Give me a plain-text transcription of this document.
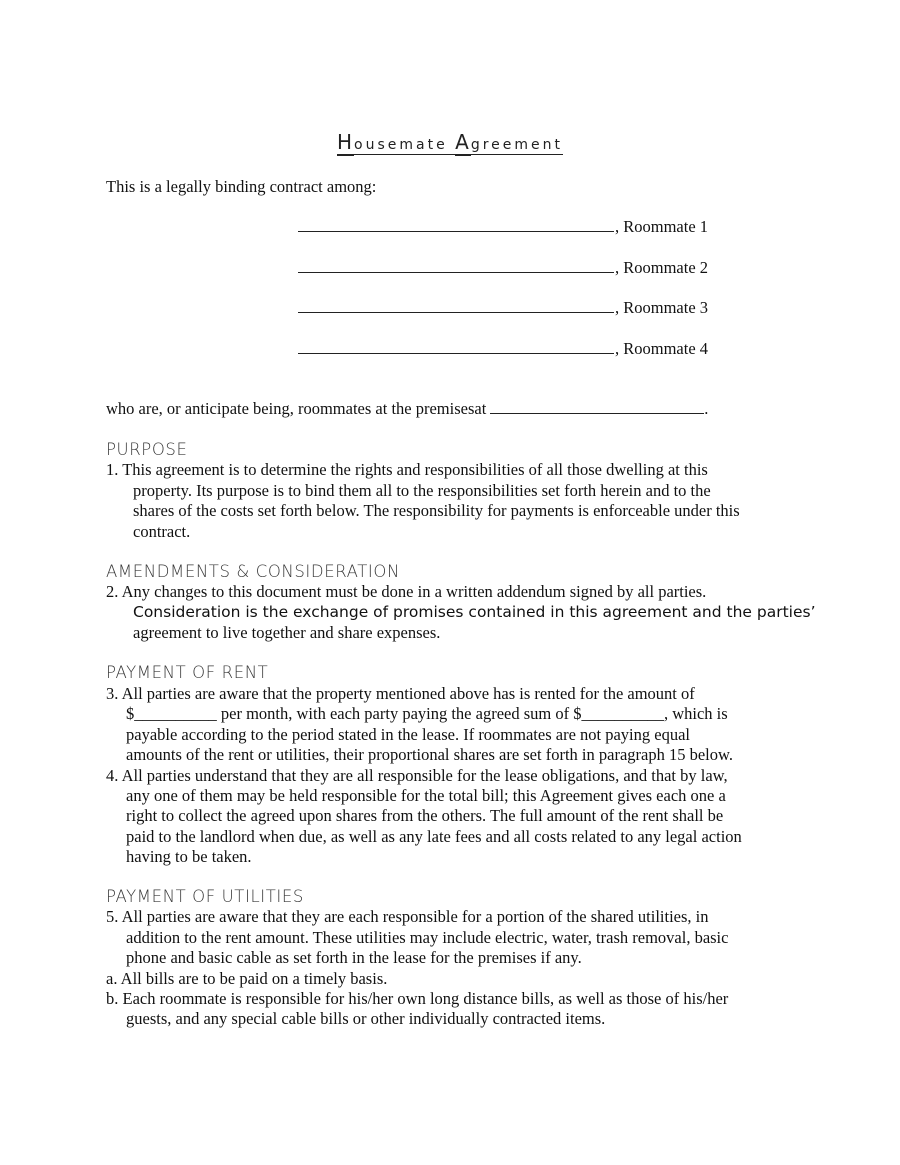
Housemate Agreement
This is a legally binding contract among:
, Roommate 1
, Roommate 2
, Roommate 3
, Roommate 4
who are, or anticipate being, roommates at the premisesat	.
PURPOSE
1. This agreement is to determine the rights and responsibilities of all those dwelling at this
property. Its purpose is to bind them all to the responsibilities set forth herein and to the
shares of the costs set forth below. The responsibility for payments is enforceable under this
contract.
AMENDMENTS & CONSIDERATION
2. Any changes to this document must be done in a written addendum signed by all parties.
Consideration is the exchange of promises contained in this agreement and the parties’
agreement to live together and share expenses.
PAYMENT OF RENT
3. All parties are aware that the property mentioned above has is rented for the amount of
$__________ per month, with each party paying the agreed sum of $__________, which is
payable according to the period stated in the lease. If roommates are not paying equal
amounts of the rent or utilities, their proportional shares are set forth in paragraph 15 below.
4. All parties understand that they are all responsible for the lease obligations, and that by law,
any one of them may be held responsible for the total bill; this Agreement gives each one a
right to collect the agreed upon shares from the others. The full amount of the rent shall be
paid to the landlord when due, as well as any late fees and all costs related to any legal action
having to be taken.
PAYMENT OF UTILITIES
5. All parties are aware that they are each responsible for a portion of the shared utilities, in
addition to the rent amount. These utilities may include electric, water, trash removal, basic
phone and basic cable as set forth in the lease for the premises if any.
a. All bills are to be paid on a timely basis.
b. Each roommate is responsible for his/her own long distance bills, as well as those of his/her
guests, and any special cable bills or other individually contracted items.
